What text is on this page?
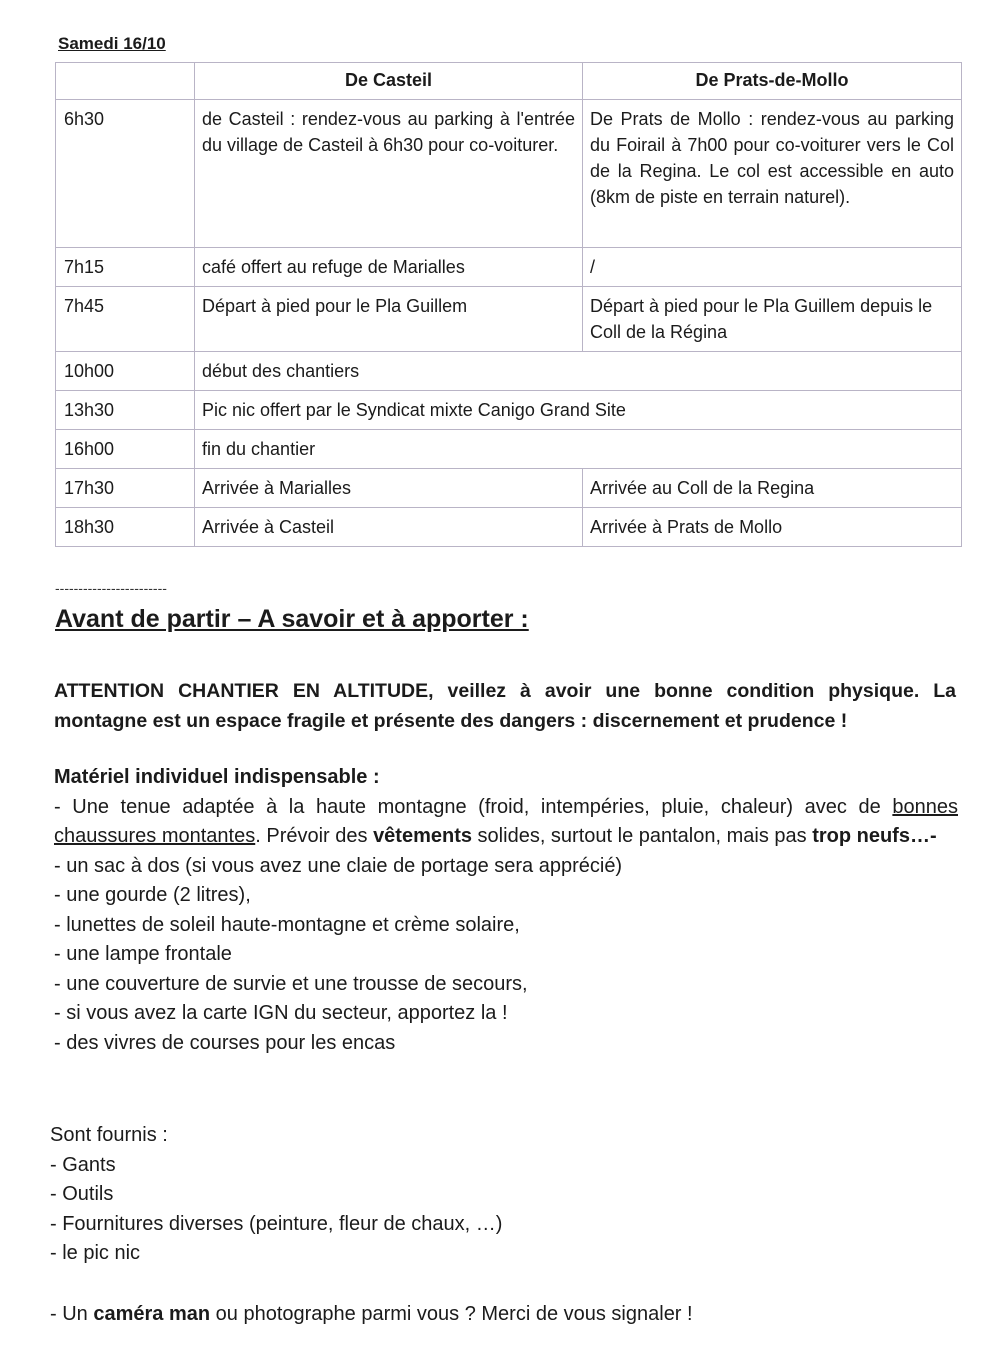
Samedi 16/10
	De Casteil	De Prats-de-Mollo
6h30	de Casteil : rendez-vous au parking à l'entrée du village de Casteil à 6h30 pour co-voiturer.	De Prats de Mollo : rendez-vous au parking du Foirail à 7h00 pour co-voiturer vers le Col de la Regina. Le col est accessible en auto (8km de piste en terrain naturel).
7h15	café offert au refuge de Marialles	/
7h45	Départ à pied pour le Pla Guillem	Départ à pied pour le Pla Guillem depuis le Coll de la Régina
10h00	début des chantiers	
13h30	Pic nic offert par le Syndicat mixte Canigo Grand Site	
16h00	fin du chantier	
17h30	Arrivée à Marialles	Arrivée au Coll de la Regina
18h30	Arrivée à Casteil	Arrivée à Prats de Mollo
------------------------
Avant de partir – A savoir et à apporter :
ATTENTION CHANTIER EN ALTITUDE, veillez à avoir une bonne condition physique. La montagne est un espace fragile et présente des dangers : discernement et prudence !

Matériel individuel indispensable :

- Une tenue adaptée à la haute montagne (froid, intempéries, pluie, chaleur) avec de bonnes chaussures montantes. Prévoir des vêtements solides, surtout le pantalon, mais pas trop neufs…-

- un sac à dos (si vous avez une claie de portage sera apprécié)

- une gourde (2 litres),

- lunettes de soleil haute-montagne et crème solaire,

- une lampe frontale

- une couverture de survie et une trousse de secours,

- si vous avez la carte IGN du secteur, apportez la !

- des vivres de courses pour les encas

Sont fournis :

- Gants

- Outils

- Fournitures diverses (peinture, fleur de chaux, …)

- le pic nic

- Un caméra man ou photographe parmi vous ? Merci de vous signaler !
